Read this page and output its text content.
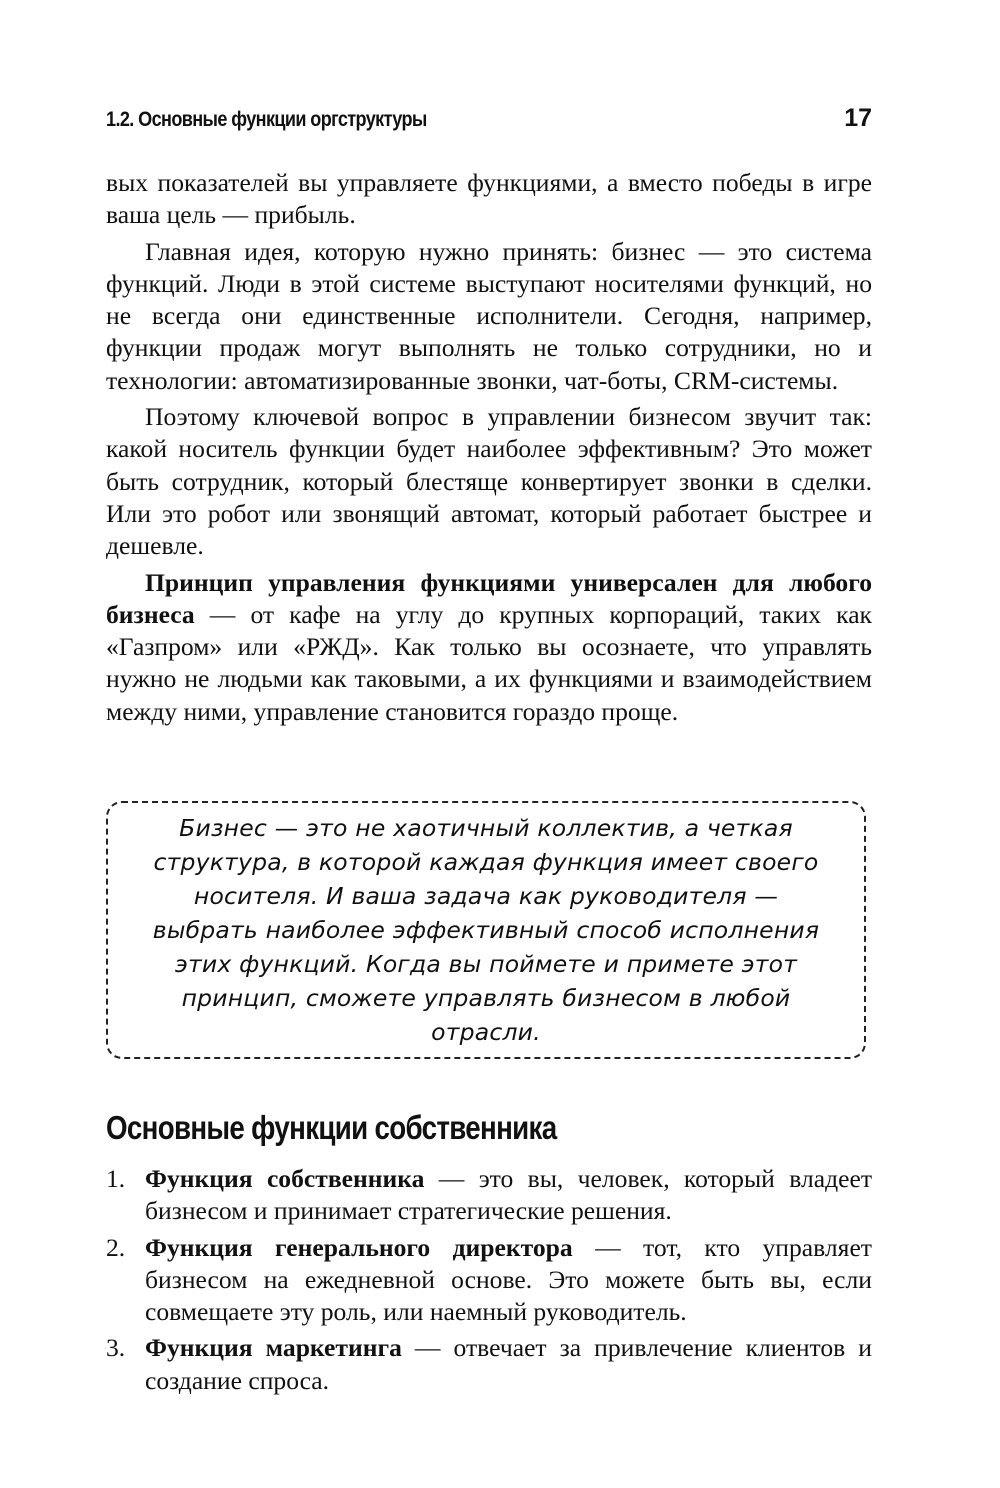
1.2. Основные функции оргструктуры	17

вых показателей вы управляете функциями, а вместо победы в игре ваша цель — прибыль.

Главная идея, которую нужно принять: бизнес — это система функций. Люди в этой системе выступают носителями функций, но не всегда они единственные исполнители. Сегодня, например, функции продаж могут выполнять не только сотрудники, но и технологии: автоматизированные звонки, чат-боты, CRM-системы.

Поэтому ключевой вопрос в управлении бизнесом звучит так: какой носитель функции будет наиболее эффективным? Это может быть сотрудник, который блестяще конвертирует звонки в сделки. Или это робот или звонящий автомат, который работает быстрее и дешевле.

Принцип управления функциями универсален для любого бизнеса — от кафе на углу до крупных корпораций, таких как «Газпром» или «РЖД». Как только вы осознаете, что управлять нужно не людьми как таковыми, а их функциями и взаимодействием между ними, управление становится гораздо проще.

Бизнес — это не хаотичный коллектив, а четкая структура, в которой каждая функция имеет своего носителя. И ваша задача как руководителя — выбрать наиболее эффективный способ исполнения этих функций. Когда вы поймете и примете этот принцип, сможете управлять бизнесом в любой отрасли.
Основные функции собственника
1. Функция собственника — это вы, человек, который владеет бизнесом и принимает стратегические решения.
2. Функция генерального директора — тот, кто управляет бизнесом на ежедневной основе. Это можете быть вы, если совмещаете эту роль, или наемный руководитель.
3. Функция маркетинга — отвечает за привлечение клиентов и создание спроса.
